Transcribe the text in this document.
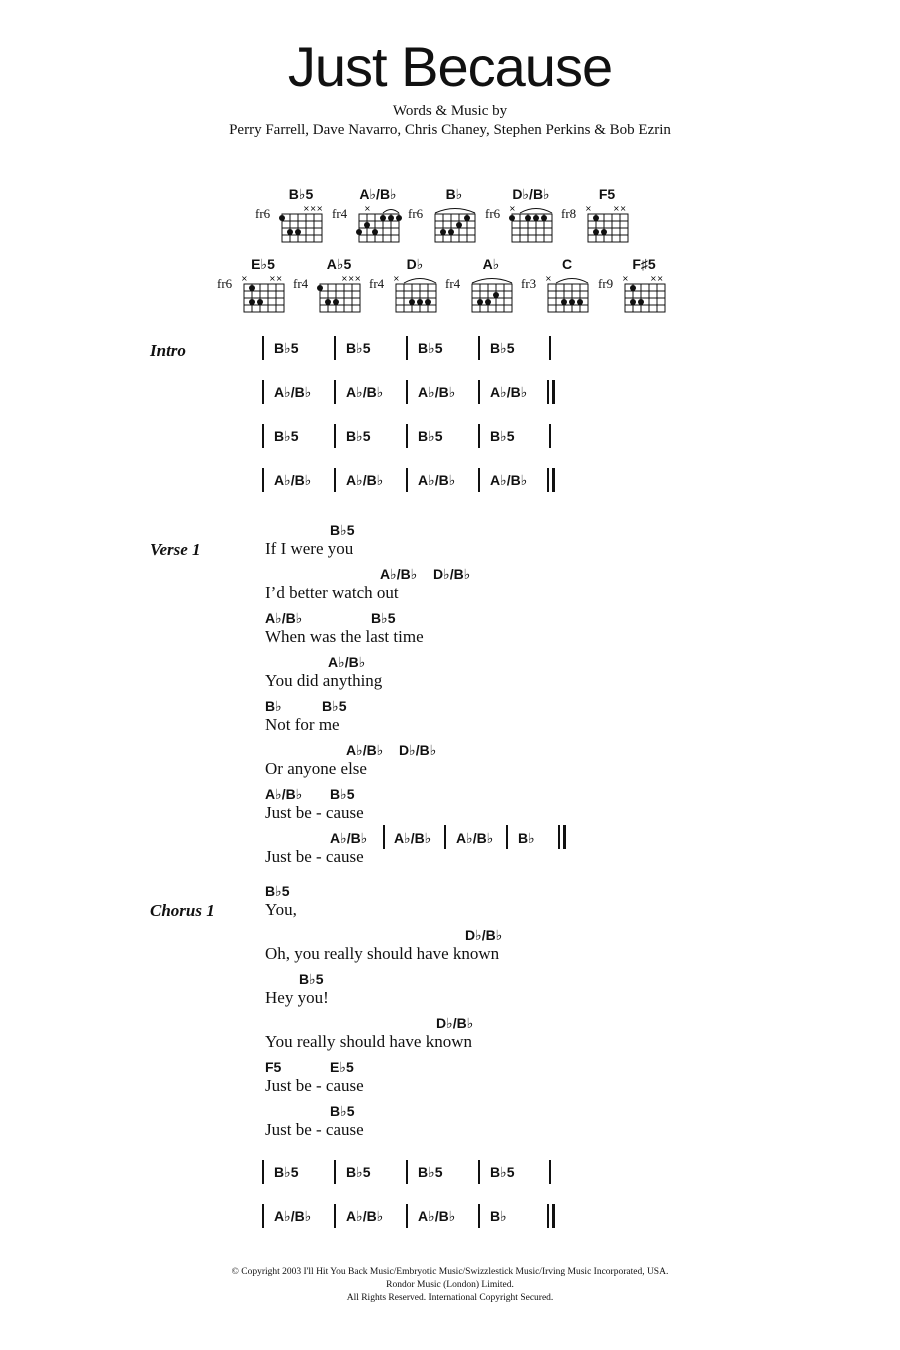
Just Because
Words & Music by
Perry Farrell, Dave Navarro, Chris Chaney, Stephen Perkins & Bob Ezrin
B♭5
fr6	×××
A♭/B♭
fr4 ×
B♭
fr6
D♭/B♭
fr6 ×
F5
fr8 ×	××
E♭5
fr6 ×	××
A♭5
fr4	×××
D♭
fr4 ×
A♭
fr4
C
fr3 ×
F♯5
fr9 ×	××
Intro	B♭5	B♭5	B♭5	B♭5
A♭/B♭ A♭/B♭ A♭/B♭ A♭/B♭
B♭5	B♭5	B♭5	B♭5
A♭/B♭ A♭/B♭ A♭/B♭ A♭/B♭
Verse 1
B♭5
If I were you
A♭/B♭ D♭/B♭
I’d better watch out
A♭/B♭	B♭5
When was the last time
A♭/B♭
You did anything
B♭	B♭5
Not for me
A♭/B♭ D♭/B♭
Or anyone else
A♭/B♭ B♭5
Just be - cause
A♭/B♭ A♭/B♭ A♭/B♭ B♭
Just be - cause
Chorus 1
B♭5
You,
D♭/B♭
Oh, you really should have known
B♭5
Hey you!
D♭/B♭
You really should have known
F5	E♭5
Just be - cause
B♭5
Just be - cause
B♭5	B♭5	B♭5	B♭5
A♭/B♭ A♭/B♭ A♭/B♭ B♭
© Copyright 2003 I'll Hit You Back Music/Embryotic Music/Swizzlestick Music/Irving Music Incorporated, USA.
Rondor Music (London) Limited.
All Rights Reserved. International Copyright Secured.
